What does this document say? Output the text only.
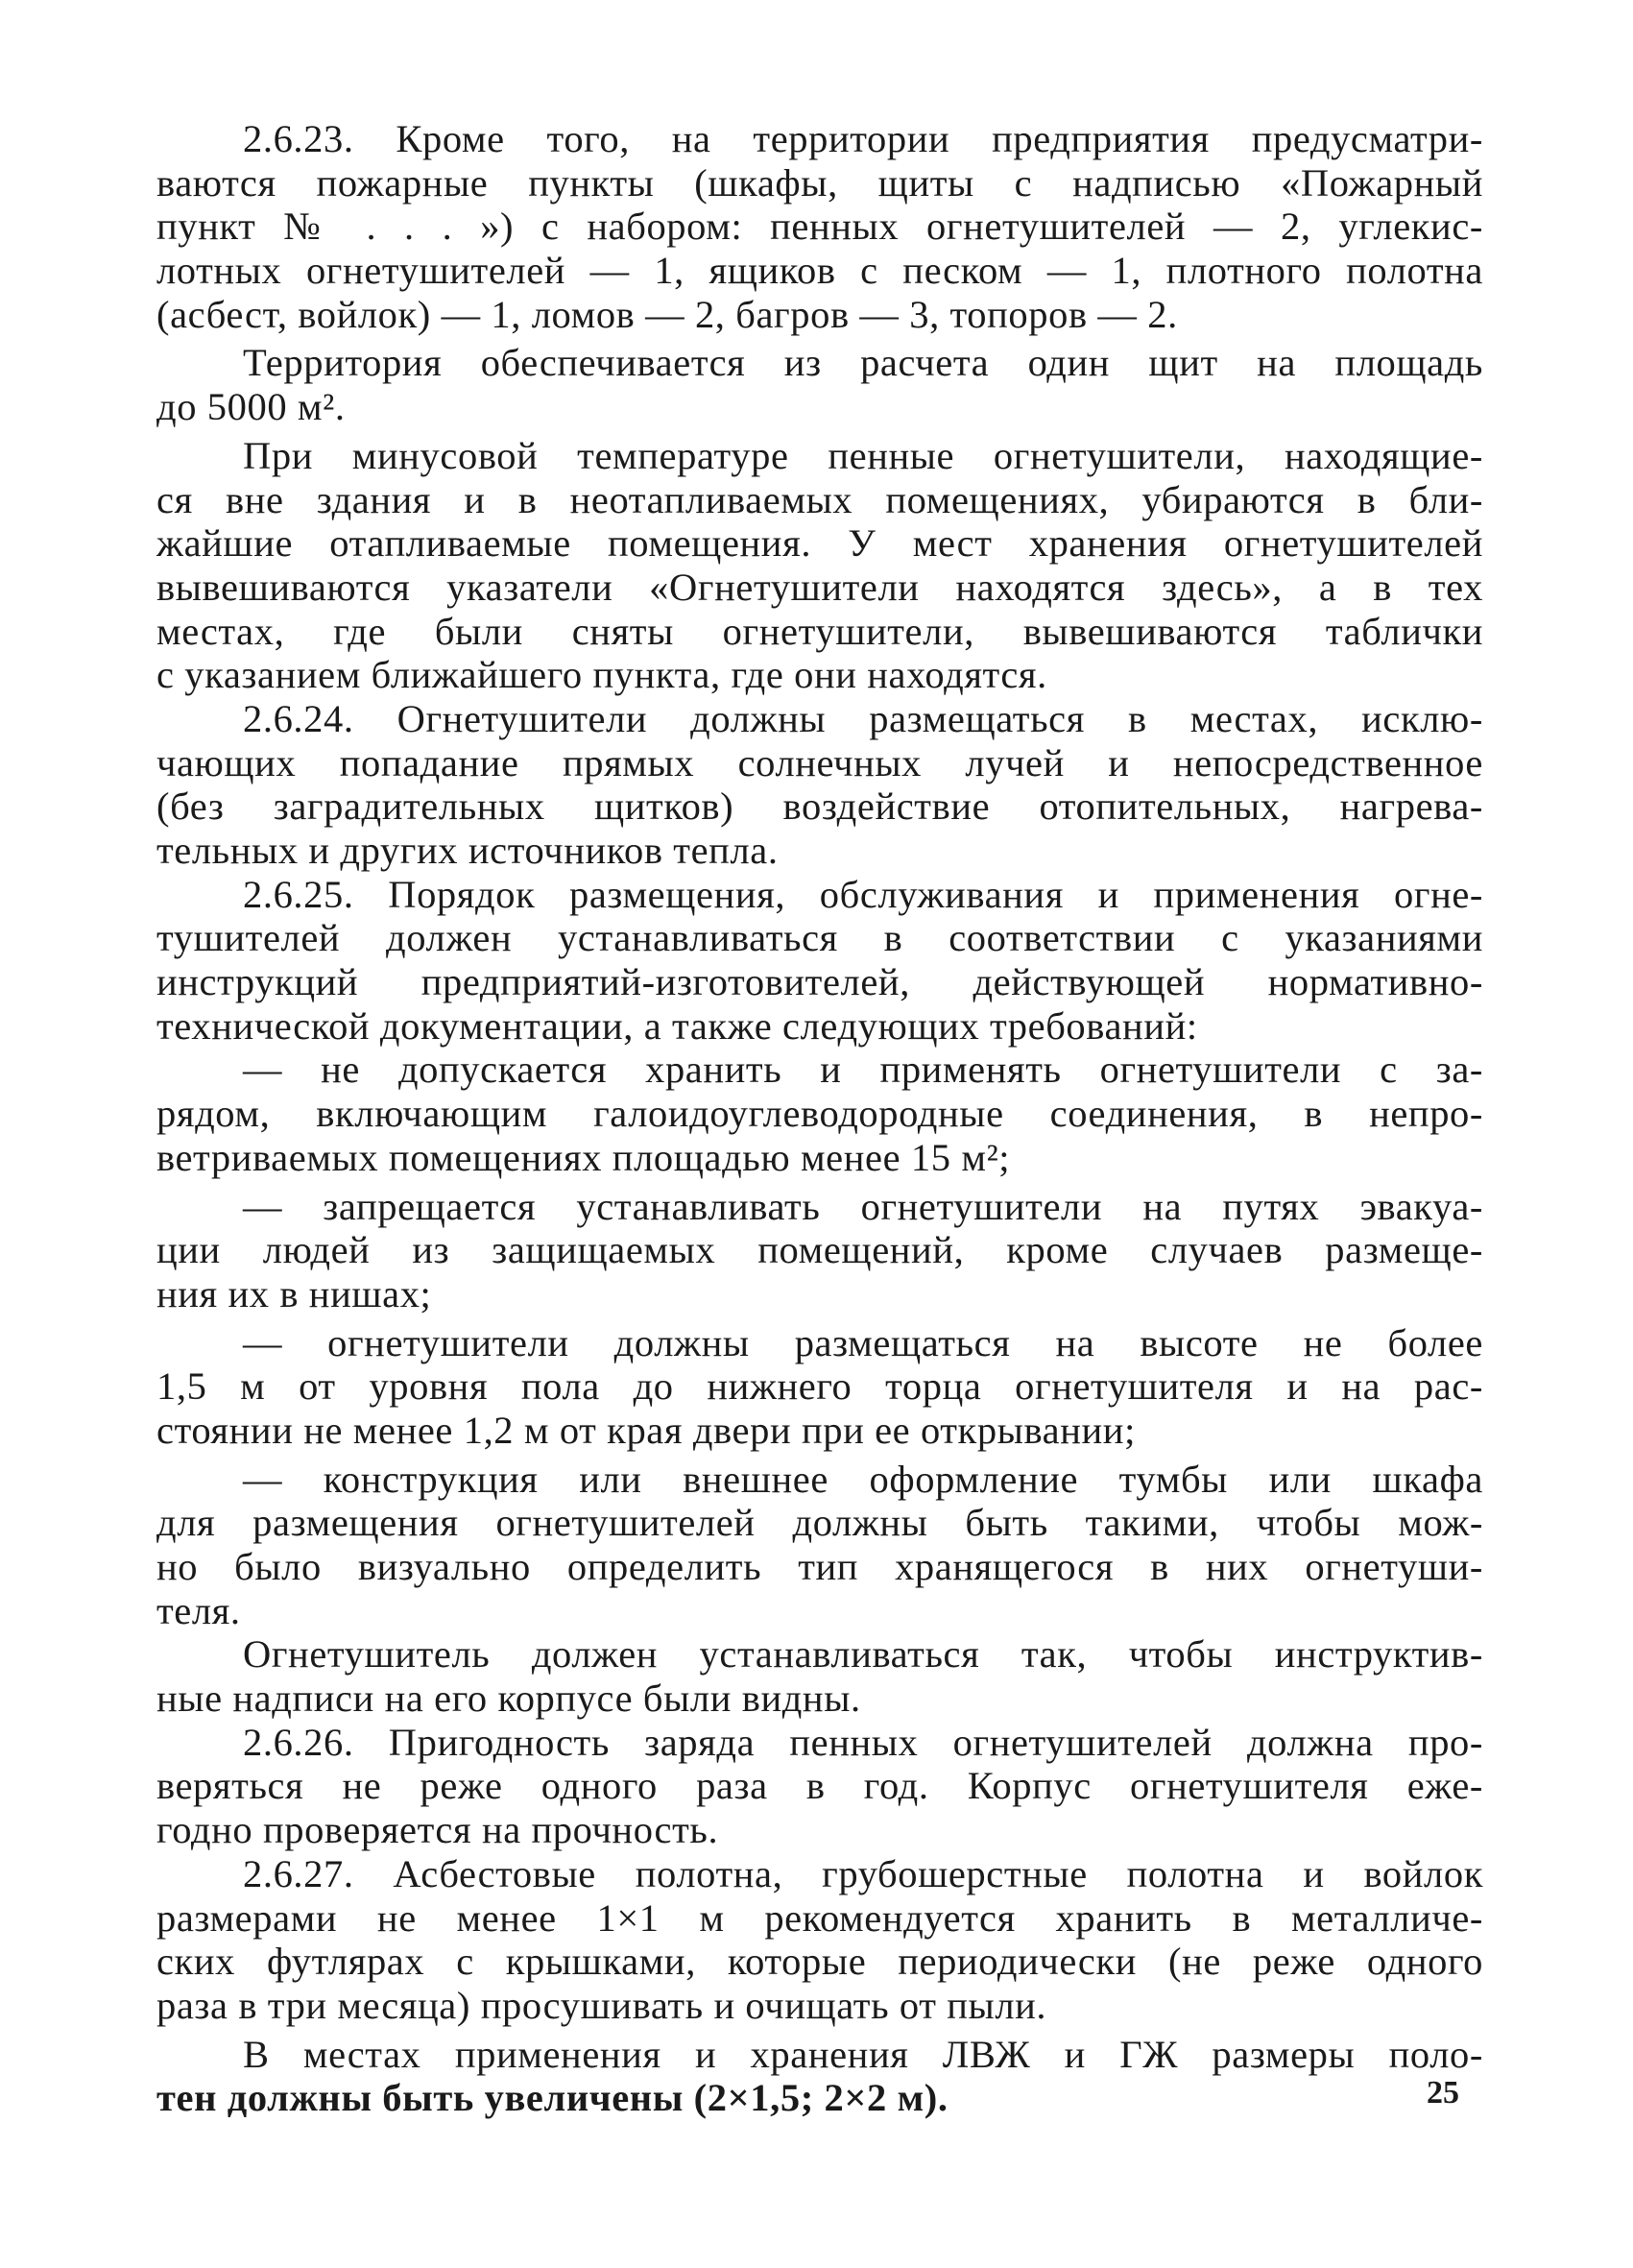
2.6.23. Кроме того, на территории предприятия предусматри-
ваются пожарные пункты (шкафы, щиты с надписью «Пожарный
пункт № . . . ») с набором: пенных огнетушителей — 2, углекис-
лотных огнетушителей — 1, ящиков с песком — 1, плотного полотна
(асбест, войлок) — 1, ломов — 2, багров — 3, топоров — 2.
Территория обеспечивается из расчета один щит на площадь
до 5000 м².
При минусовой температуре пенные огнетушители, находящие-
ся вне здания и в неотапливаемых помещениях, убираются в бли-
жайшие отапливаемые помещения. У мест хранения огнетушителей
вывешиваются указатели «Огнетушители находятся здесь», а в тех
местах, где были сняты огнетушители, вывешиваются таблички
с указанием ближайшего пункта, где они находятся.
2.6.24. Огнетушители должны размещаться в местах, исклю-
чающих попадание прямых солнечных лучей и непосредственное
(без заградительных щитков) воздействие отопительных, нагрева-
тельных и других источников тепла.
2.6.25. Порядок размещения, обслуживания и применения огне-
тушителей должен устанавливаться в соответствии с указаниями
инструкций предприятий-изготовителей, действующей нормативно-
технической документации, а также следующих требований:
— не допускается хранить и применять огнетушители с за-
рядом, включающим галоидоуглеводородные соединения, в непро-
ветриваемых помещениях площадью менее 15 м²;
— запрещается устанавливать огнетушители на путях эвакуа-
ции людей из защищаемых помещений, кроме случаев размеще-
ния их в нишах;
— огнетушители должны размещаться на высоте не более
1,5 м от уровня пола до нижнего торца огнетушителя и на рас-
стоянии не менее 1,2 м от края двери при ее открывании;
— конструкция или внешнее оформление тумбы или шкафа
для размещения огнетушителей должны быть такими, чтобы мож-
но было визуально определить тип хранящегося в них огнетуши-
теля.
Огнетушитель должен устанавливаться так, чтобы инструктив-
ные надписи на его корпусе были видны.
2.6.26. Пригодность заряда пенных огнетушителей должна про-
веряться не реже одного раза в год. Корпус огнетушителя еже-
годно проверяется на прочность.
2.6.27. Асбестовые полотна, грубошерстные полотна и войлок
размерами не менее 1×1 м рекомендуется хранить в металличе-
ских футлярах с крышками, которые периодически (не реже одного
раза в три месяца) просушивать и очищать от пыли.
В местах применения и хранения ЛВЖ и ГЖ размеры поло-
тен должны быть увеличены (2×1,5; 2×2 м).	25
